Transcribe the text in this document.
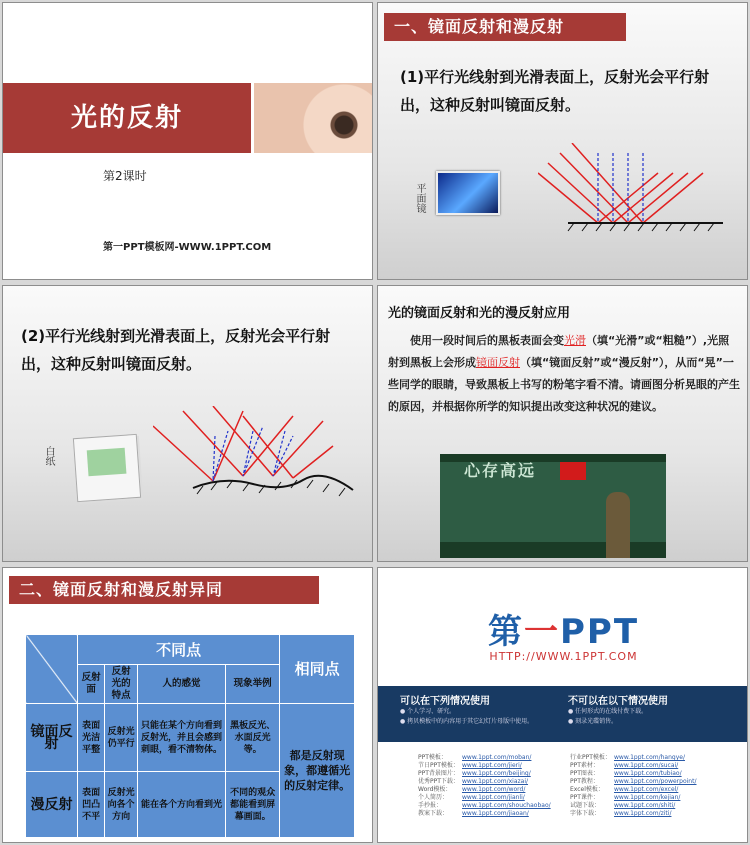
光的反射
第2课时
第一PPT模板网-WWW.1PPT.COM
一、镜面反射和漫反射
(1)平行光线射到光滑表面上，反射光会平行射出，这种反射叫镜面反射。
平面镜
(2)平行光线射到光滑表面上，反射光会平行射出，这种反射叫镜面反射。
白纸
光的镜面反射和光的漫反射应用
使用一段时间后的黑板表面会变光滑（填“光滑”或“粗糙”）,光照射到黑板上会形成镜面反射（填“镜面反射”或“漫反射”），从而“晃”一些同学的眼睛，导致黑板上书写的粉笔字看不清。请画图分析晃眼的产生的原因，并根据你所学的知识提出改变这种状况的建议。
心存高远
二、镜面反射和漫反射异同
	不同点				相同点
	反射面	反射光的特点	人的感觉	现象举例	
镜面反射	表面光洁平整	反射光仍平行	只能在某个方向看到反射光，并且会感到刺眼，看不清物体。	黑板反光、水面反光等。	都是反射现象，都遵循光的反射定律。
漫反射	表面凹凸不平	反射光向各个方向	能在各个方向看到光	不同的观众都能看到屏幕画面。	
第一PPT
HTTP://WWW.1PPT.COM
可以在下列情况使用
● 个人学习、研究。
● 拷贝模板中的内容用于其它幻灯片母版中使用。
不可以在以下情况使用
● 任何形式的在线付费下载。
● 刻录光碟销售。
PPT模板：	www.1ppt.com/moban/
节日PPT模板： www.1ppt.com/jieri/
PPT背景图片： www.1ppt.com/beijing/
优秀PPT下载： www.1ppt.com/xiazai/
Word模板： www.1ppt.com/word/
个人简历： www.1ppt.com/jianli/
手抄报：	www.1ppt.com/shouchaobao/
教案下载： www.1ppt.com/jiaoan/
行业PPT模板： www.1ppt.com/hangye/
PPT素材：	www.1ppt.com/sucai/
PPT图表：	www.1ppt.com/tubiao/
PPT教程：	www.1ppt.com/powerpoint/
Excel模板： www.1ppt.com/excel/
PPT课件：	www.1ppt.com/kejian/
试题下载： www.1ppt.com/shiti/
字体下载： www.1ppt.com/ziti/
